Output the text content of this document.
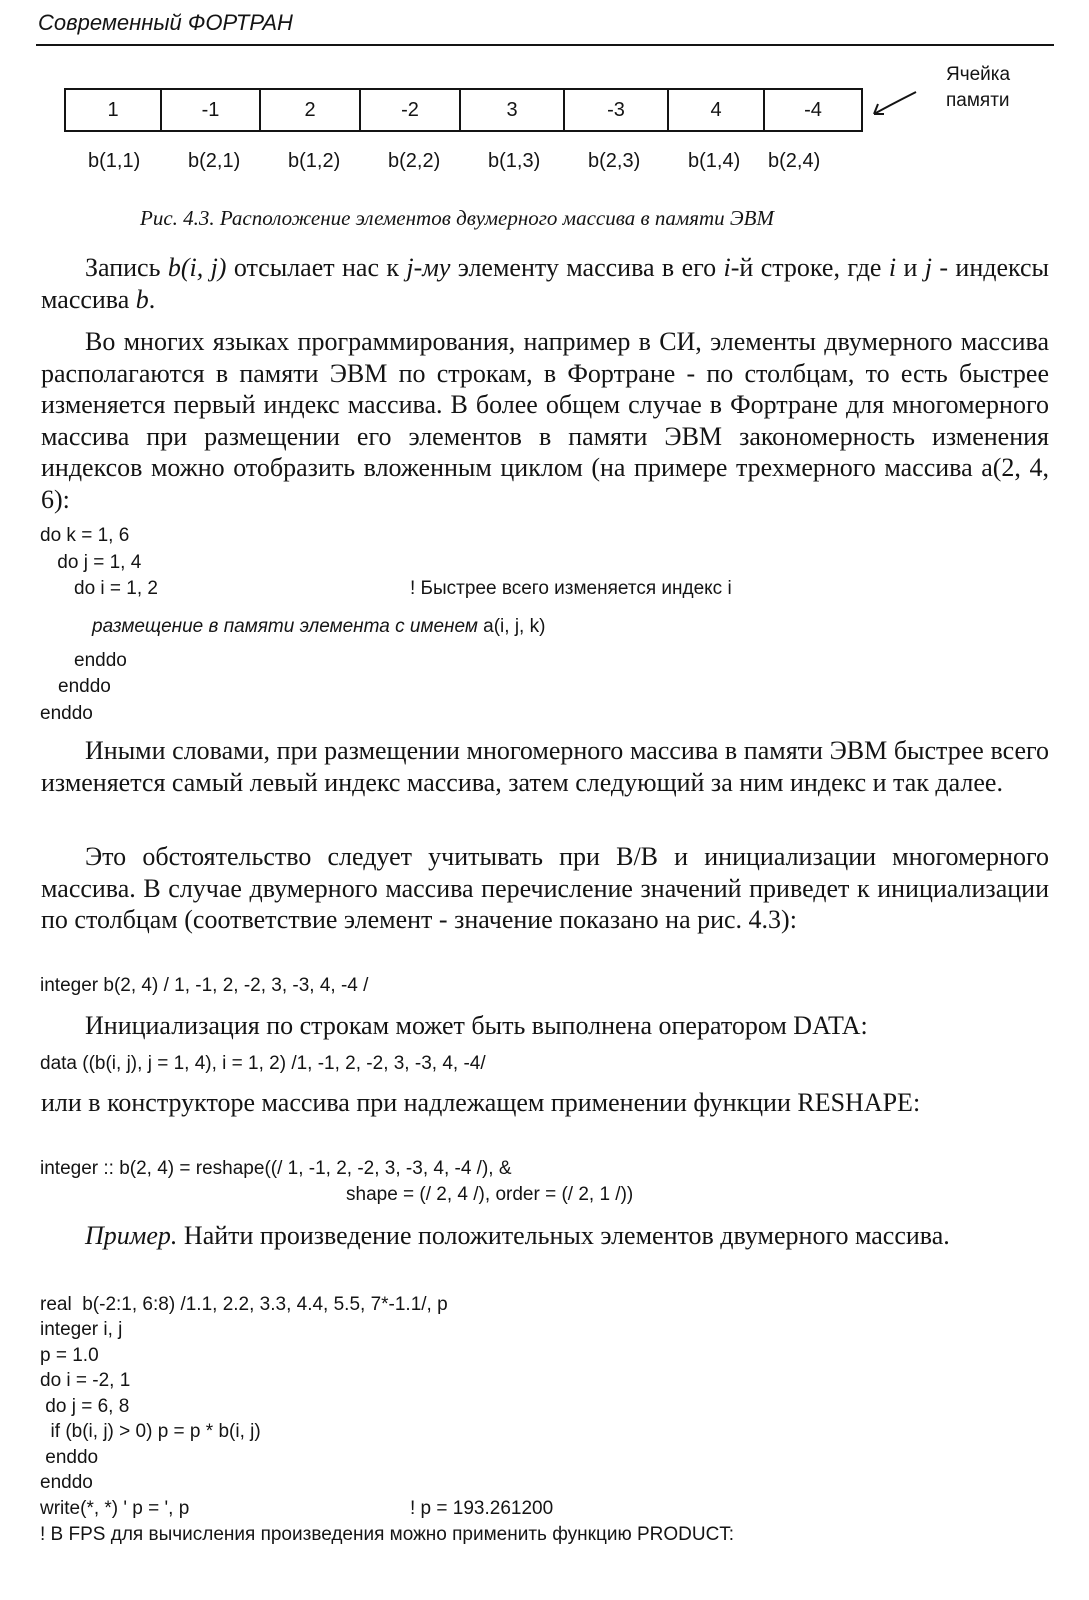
Современный ФОРТРАН
1	-1	2	-2	3	-3	4	-4
Ячейка
памяти
b(1,1) b(2,1) b(1,2) b(2,2) b(1,3) b(2,3) b(1,4) b(2,4)
Рис. 4.3. Расположение элементов двумерного массива в памяти ЭВМ

Запись b(i, j) отсылает нас к j-му элементу массива в его i-й строке, где i и j - индексы массива b.

Во многих языках программирования, например в СИ, элементы двумерного массива располагаются в памяти ЭВМ по строкам, в Фортране - по столбцам, то есть быстрее изменяется первый индекс массива. В более общем случае в Фортране для многомерного массива при размещении его элементов в памяти ЭВМ закономерность изменения индексов можно отобразить вложенным циклом (на примере трехмерного массива a(2, 4, 6):

do k = 1, 6
do j = 1, 4
do i = 1, 2	! Быстрее всего изменяется индекс i
размещение в памяти элемента с именем a(i, j, k)
enddo
enddo
enddo

Иными словами, при размещении многомерного массива в памяти ЭВМ быстрее всего изменяется самый левый индекс массива, затем следующий за ним индекс и так далее.

Это обстоятельство следует учитывать при В/В и инициализации многомерного массива. В случае двумерного массива перечисление значений приведет к инициализации по столбцам (соответствие элемент - значение показано на рис. 4.3):

integer b(2, 4) / 1, -1, 2, -2, 3, -3, 4, -4 /

Инициализация по строкам может быть выполнена оператором DATA:

data ((b(i, j), j = 1, 4), i = 1, 2) /1, -1, 2, -2, 3, -3, 4, -4/

или в конструкторе массива при надлежащем применении функции RESHAPE:

integer :: b(2, 4) = reshape((/ 1, -1, 2, -2, 3, -3, 4, -4 /), &
shape = (/ 2, 4 /), order = (/ 2, 1 /))

Пример. Найти произведение положительных элементов двумерного массива.

real  b(-2:1, 6:8) /1.1, 2.2, 3.3, 4.4, 5.5, 7*-1.1/, p
integer i, j
p = 1.0
do i = -2, 1
do j = 6, 8
if (b(i, j) > 0) p = p * b(i, j)
enddo
enddo
write(*, *) ' p = ', p	! p = 193.261200
! В FPS для вычисления произведения можно применить функцию PRODUCT:
